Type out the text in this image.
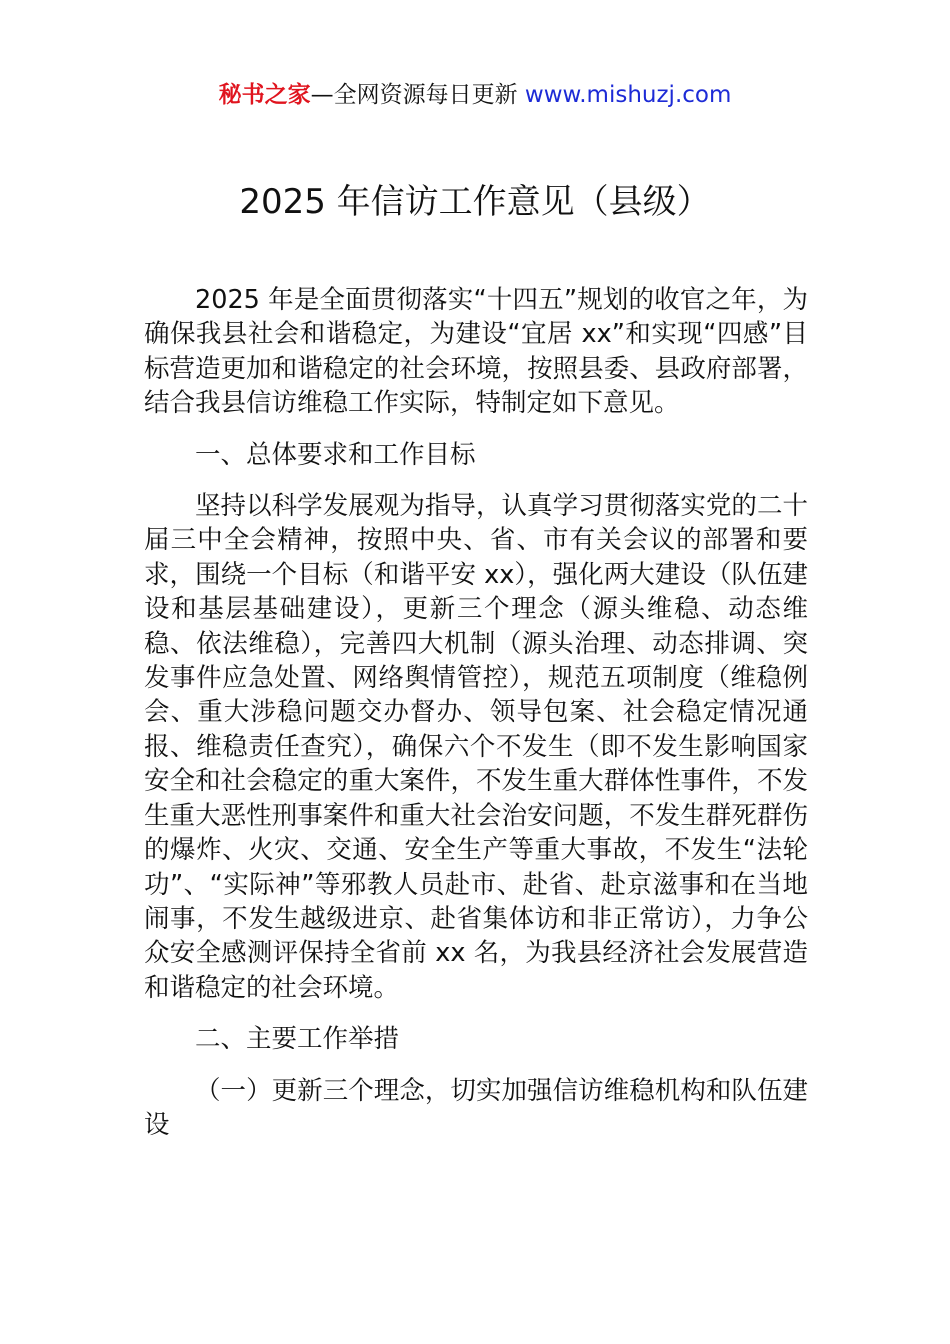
秘书之家—全网资源每日更新 www.mishuzj.com
2025 年信访工作意见（县级）

2025 年是全面贯彻落实“十四五”规划的收官之年，为确保我县社会和谐稳定，为建设“宜居 xx”和实现“四感”目标营造更加和谐稳定的社会环境，按照县委、县政府部署，结合我县信访维稳工作实际，特制定如下意见。

一、总体要求和工作目标

坚持以科学发展观为指导，认真学习贯彻落实党的二十届三中全会精神，按照中央、省、市有关会议的部署和要求，围绕一个目标（和谐平安 xx），强化两大建设（队伍建设和基层基础建设），更新三个理念（源头维稳、动态维稳、依法维稳），完善四大机制（源头治理、动态排调、突发事件应急处置、网络舆情管控），规范五项制度（维稳例会、重大涉稳问题交办督办、领导包案、社会稳定情况通报、维稳责任查究），确保六个不发生（即不发生影响国家安全和社会稳定的重大案件，不发生重大群体性事件，不发生重大恶性刑事案件和重大社会治安问题，不发生群死群伤的爆炸、火灾、交通、安全生产等重大事故，不发生“法轮功”、“实际神”等邪教人员赴市、赴省、赴京滋事和在当地闹事，不发生越级进京、赴省集体访和非正常访），力争公众安全感测评保持全省前 xx 名，为我县经济社会发展营造和谐稳定的社会环境。

二、主要工作举措

（一）更新三个理念，切实加强信访维稳机构和队伍建设
